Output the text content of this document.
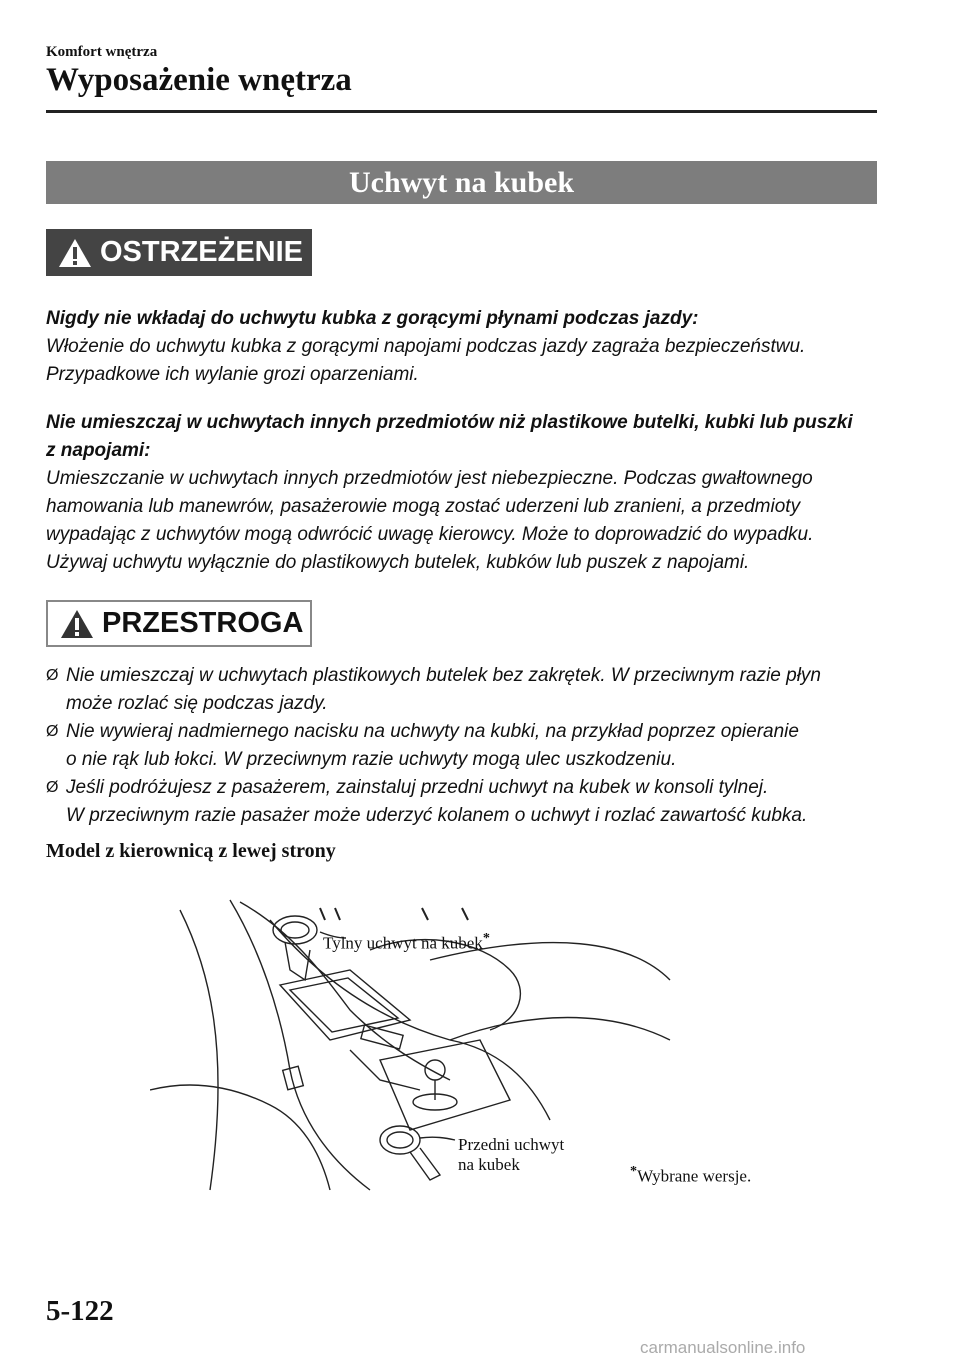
Komfort wnętrza
Wyposażenie wnętrza
Uchwyt na kubek
OSTRZEŻENIE
Nigdy nie wkładaj do uchwytu kubka z gorącymi płynami podczas jazdy:
Włożenie do uchwytu kubka z gorącymi napojami podczas jazdy zagraża bezpieczeństwu.
Przypadkowe ich wylanie grozi oparzeniami.
Nie umieszczaj w uchwytach innych przedmiotów niż plastikowe butelki, kubki lub puszki
z napojami:
Umieszczanie w uchwytach innych przedmiotów jest niebezpieczne. Podczas gwałtownego
hamowania lub manewrów, pasażerowie mogą zostać uderzeni lub zranieni, a przedmioty
wypadając z uchwytów mogą odwrócić uwagę kierowcy. Może to doprowadzić do wypadku.
Używaj uchwytu wyłącznie do plastikowych butelek, kubków lub puszek z napojami.
PRZESTROGA
Ø Nie umieszczaj w uchwytach plastikowych butelek bez zakrętek. W przeciwnym razie płyn
może rozlać się podczas jazdy.
Ø Nie wywieraj nadmiernego nacisku na uchwyty na kubki, na przykład poprzez opieranie
o nie rąk lub łokci. W przeciwnym razie uchwyty mogą ulec uszkodzeniu.
Ø Jeśli podróżujesz z pasażerem, zainstaluj przedni uchwyt na kubek w konsoli tylnej.
W przeciwnym razie pasażer może uderzyć kolanem o uchwyt i rozlać zawartość kubka.
Model z kierownicą z lewej strony
Tylny uchwyt na kubek*
Przedni uchwyt
na kubek	*Wybrane wersje.
5-122
carmanualsonline.info
